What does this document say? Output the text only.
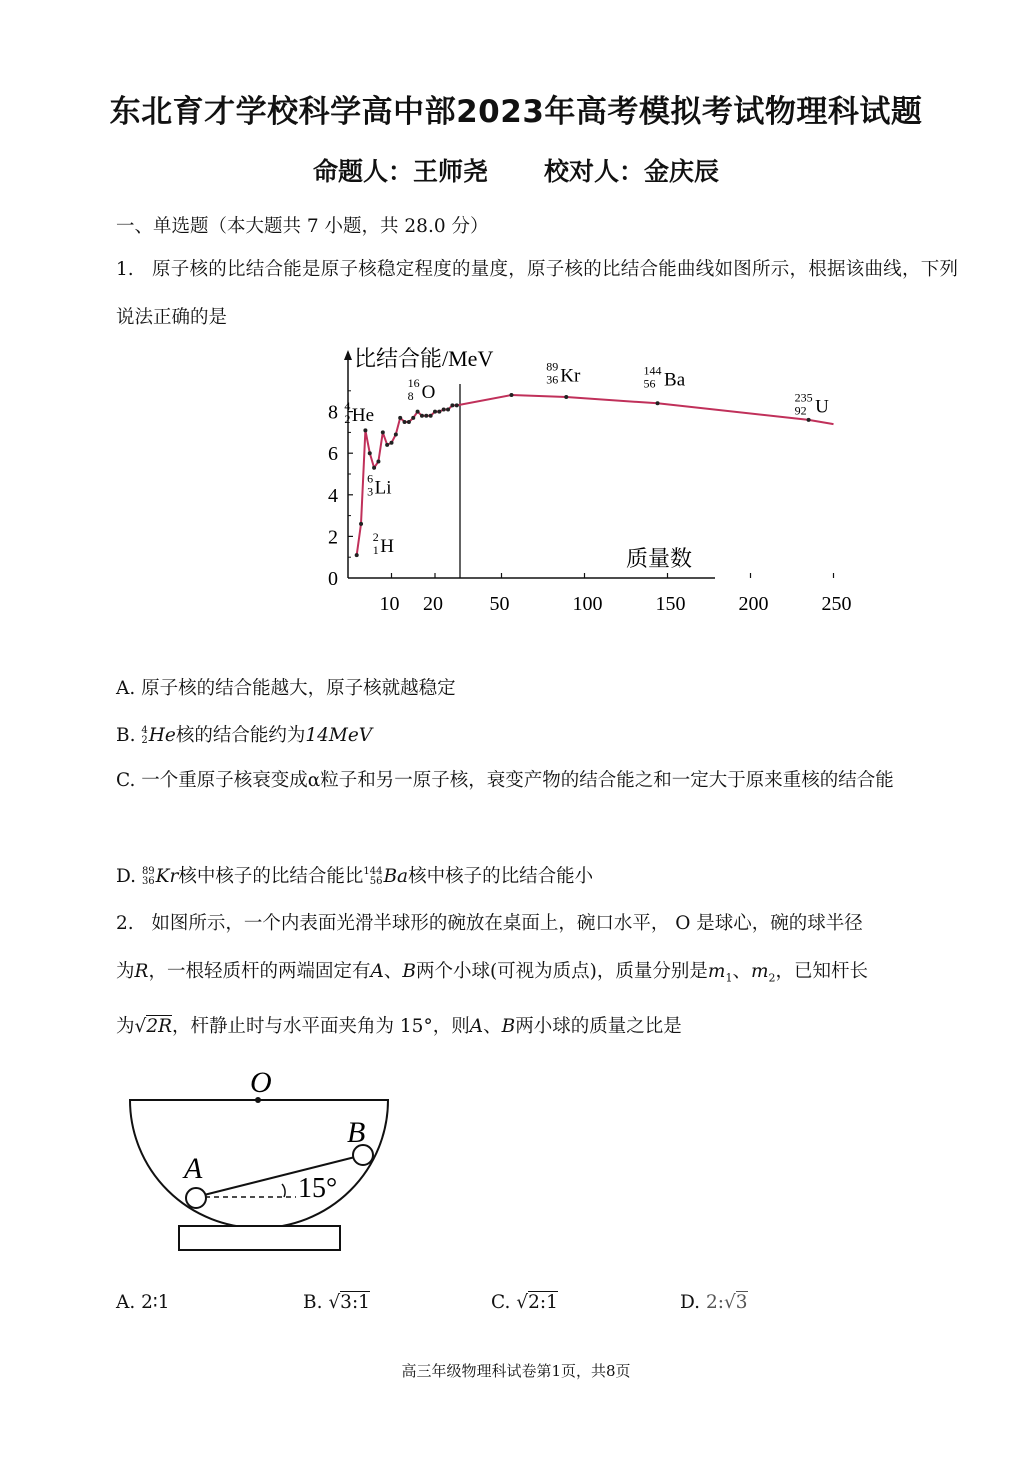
东北育才学校科学高中部2023年高考模拟考试物理科试题
命题人：王师尧 校对人：金庆辰
一、单选题（本大题共 7 小题，共 28.0 分）
1. 原子核的比结合能是原子核稳定程度的量度，原子核的比结合能曲线如图所示，根据该曲线，下列说法正确的是
比结合能/MeV
质量数
0
2
4
6
8
10 20 50	100	150	200	250
2
1 H
4
2 He
6
3 Li
16
8 O
89
36 Kr	144
56 Ba
235
92 U
A. 原子核的结合能越大，原子核就越稳定
B. 4
2 He核的结合能约为14MeV
C. 一个重原子核衰变成α粒子和另一原子核，衰变产物的结合能之和一定大于原来重核的结合能
D. 89
36 Kr核中核子的比结合能比 144
56 Ba核中核子的比结合能小
2. 如图所示，一个内表面光滑半球形的碗放在桌面上，碗口水平， O 是球心，碗的球半径
为R，一根轻质杆的两端固定有A、B两个小球(可视为质点)，质量分别是$m_1$、$m_2$，已知杆长
为√2R，杆静止时与水平面夹角为 15°，则A、B两小球的质量之比是
O
A
B
15°
A. 2∶1	B. √3:1	C. √2:1	D. 2:√3
高三年级物理科试卷第1页，共8页
